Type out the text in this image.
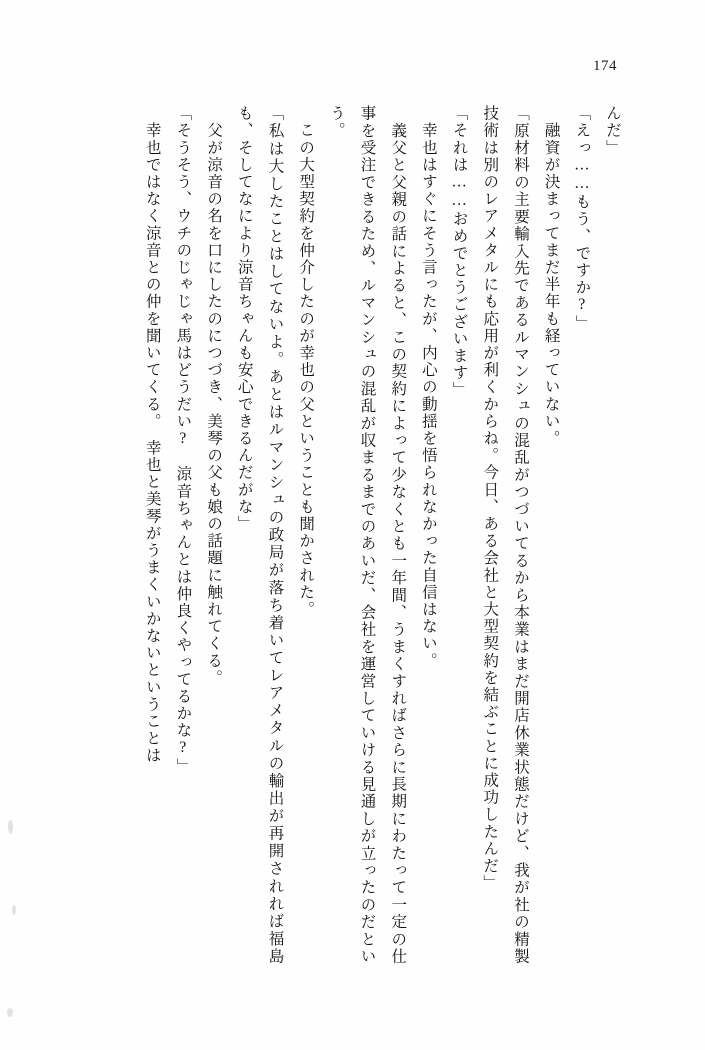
174

んだ」

「えっ……もう、ですか?」

　融資が決まってまだ半年も経っていない。

「原材料の主要輸入先であるルマンシュの混乱がつづいてるから本業はまだ開店休業状態だけど、我が社の精製技術は別のレアメタルにも応用が利くからね。今日、ある会社と大型契約を結ぶことに成功したんだ」

「それは……おめでとうございます」

　幸也はすぐにそう言ったが、内心の動揺を悟られなかった自信はない。

　義父と父親の話によると、この契約によって少なくとも一年間、うまくすればさらに長期にわたって一定の仕事を受注できるため、ルマンシュの混乱が収まるまでのあいだ、会社を運営していける見通しが立ったのだという。

　この大型契約を仲介したのが幸也の父ということも聞かされた。

「私は大したことはしてないよ。あとはルマンシュの政局が落ち着いてレアメタルの輸出が再開されれば福島も、そしてなにより涼音ちゃんも安心できるんだがな」

　父が涼音の名を口にしたのにつづき、美琴の父も娘の話題に触れてくる。

「そうそう、ウチのじゃじゃ馬はどうだい?　涼音ちゃんとは仲良くやってるかな?」

　幸也ではなく涼音との仲を聞いてくる。　幸也と美琴がうまくいかないということは
